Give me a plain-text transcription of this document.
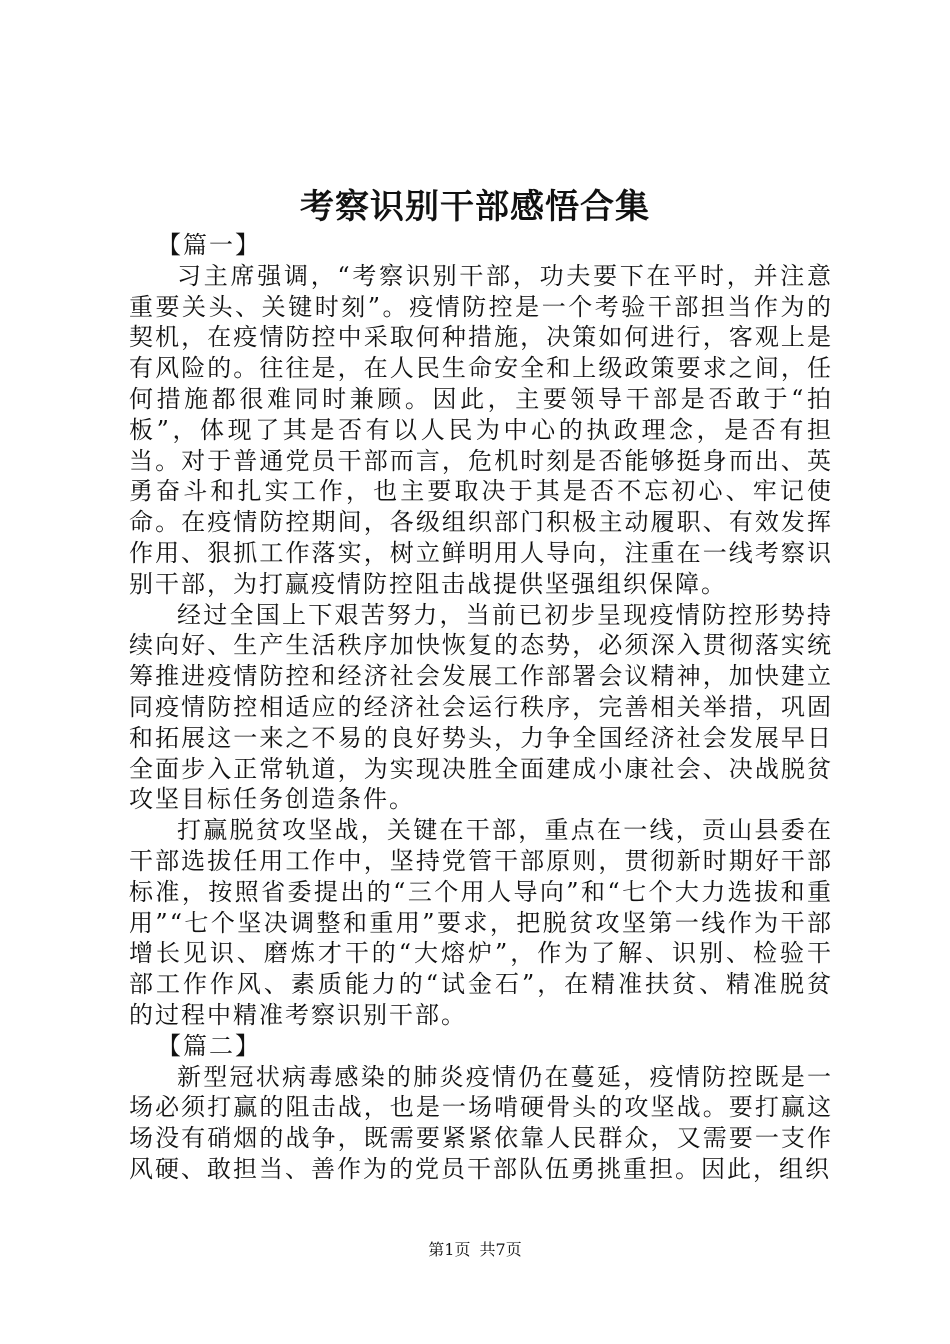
考察识别干部感悟合集
【篇一】

习主席强调，“考察识别干部，功夫要下在平时，并注意重要关头、关键时刻”。疫情防控是一个考验干部担当作为的契机，在疫情防控中采取何种措施，决策如何进行，客观上是有风险的。往往是，在人民生命安全和上级政策要求之间，任何措施都很难同时兼顾。因此，主要领导干部是否敢于“拍板”，体现了其是否有以人民为中心的执政理念，是否有担当。对于普通党员干部而言，危机时刻是否能够挺身而出、英勇奋斗和扎实工作，也主要取决于其是否不忘初心、牢记使命。在疫情防控期间，各级组织部门积极主动履职、有效发挥作用、狠抓工作落实，树立鲜明用人导向，注重在一线考察识别干部，为打赢疫情防控阻击战提供坚强组织保障。

经过全国上下艰苦努力，当前已初步呈现疫情防控形势持续向好、生产生活秩序加快恢复的态势，必须深入贯彻落实统筹推进疫情防控和经济社会发展工作部署会议精神，加快建立同疫情防控相适应的经济社会运行秩序，完善相关举措，巩固和拓展这一来之不易的良好势头，力争全国经济社会发展早日全面步入正常轨道，为实现决胜全面建成小康社会、决战脱贫攻坚目标任务创造条件。

打赢脱贫攻坚战，关键在干部，重点在一线，贡山县委在干部选拔任用工作中，坚持党管干部原则，贯彻新时期好干部标准，按照省委提出的“三个用人导向”和“七个大力选拔和重用”“七个坚决调整和重用”要求，把脱贫攻坚第一线作为干部增长见识、磨炼才干的“大熔炉”，作为了解、识别、检验干部工作作风、素质能力的“试金石”，在精准扶贫、精准脱贫的过程中精准考察识别干部。

【篇二】

新型冠状病毒感染的肺炎疫情仍在蔓延，疫情防控既是一场必须打赢的阻击战，也是一场啃硬骨头的攻坚战。要打赢这场没有硝烟的战争，既需要紧紧依靠人民群众，又需要一支作风硬、敢担当、善作为的党员干部队伍勇挑重担。因此，组织

第1页 共7页
